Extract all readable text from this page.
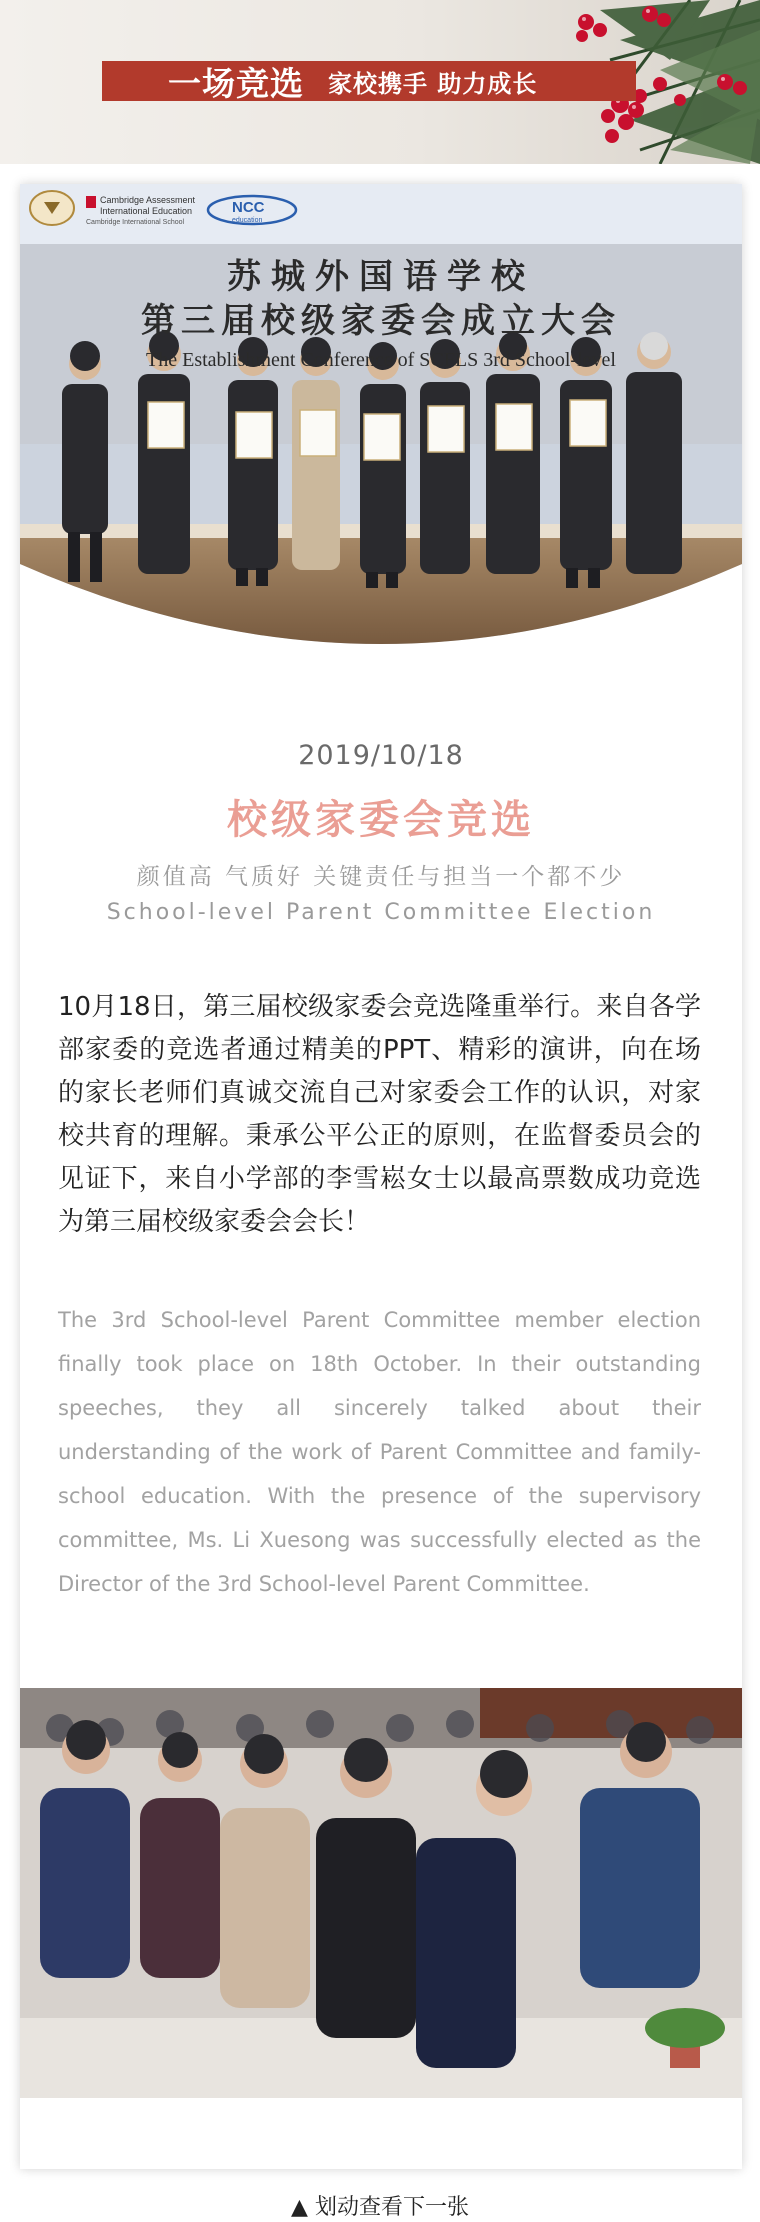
一场竞选 家校携手 助力成长
Cambridge Assessment
International Education
Cambridge International School
NCC
education
苏城外国语学校
第三届校级家委会成立大会
The Establishment Conference of SCFLS 3rd School-level
2019/10/18
校级家委会竞选
颜值高 气质好 关键责任与担当一个都不少
School-level Parent Committee Election

10月18日，第三届校级家委会竞选隆重举行。来自各学部家委的竞选者通过精美的PPT、精彩的演讲，向在场的家长老师们真诚交流自己对家委会工作的认识，对家校共育的理解。秉承公平公正的原则，在监督委员会的见证下，来自小学部的李雪崧女士以最高票数成功竞选为第三届校级家委会会长！

The 3rd School-level Parent Committee member election finally took place on 18th October. In their outstanding speeches, they all sincerely talked about their understanding of the work of Parent Committee and family-school education. With the presence of the supervisory committee, Ms. Li Xuesong was successfully elected as the Director of the 3rd School-level Parent Committee.

▲ 划动查看下一张
